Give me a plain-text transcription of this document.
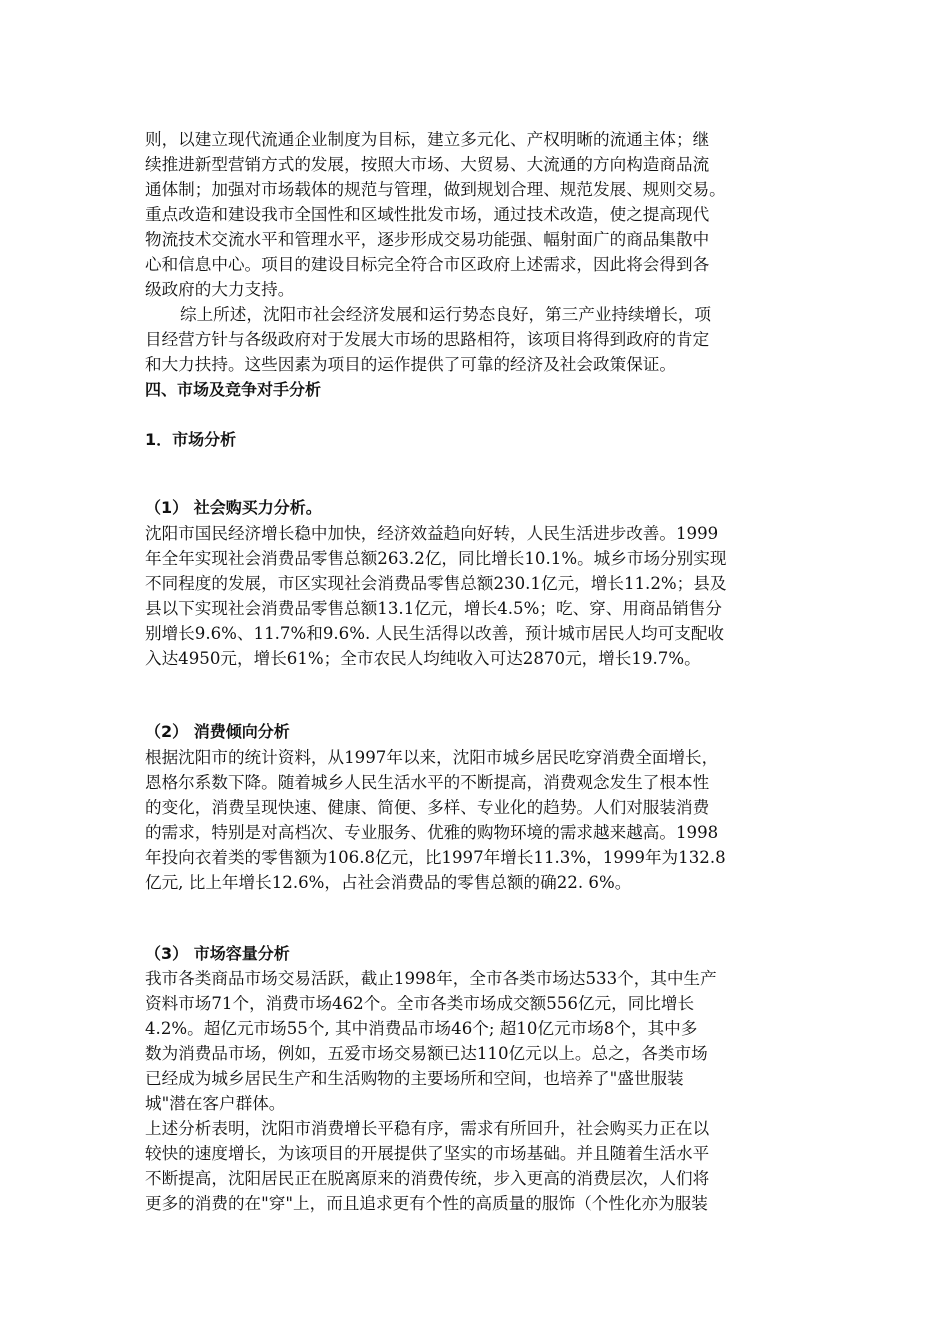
则，以建立现代流通企业制度为目标，建立多元化、产权明晰的流通主体；继
续推进新型营销方式的发展，按照大市场、大贸易、大流通的方向构造商品流
通体制；加强对市场载体的规范与管理，做到规划合理、规范发展、规则交易。
重点改造和建设我市全国性和区域性批发市场，通过技术改造，使之提高现代
物流技术交流水平和管理水平，逐步形成交易功能强、幅射面广的商品集散中
心和信息中心。项目的建设目标完全符合市区政府上述需求，因此将会得到各
级政府的大力支持。
综上所述，沈阳市社会经济发展和运行势态良好，第三产业持续增长，项
目经营方针与各级政府对于发展大市场的思路相符，该项目将得到政府的肯定
和大力扶持。这些因素为项目的运作提供了可靠的经济及社会政策保证。
四、市场及竞争对手分析
1．市场分析
（1） 社会购买力分析。
沈阳市国民经济增长稳中加快，经济效益趋向好转，人民生活进步改善。1999
年全年实现社会消费品零售总额263.2亿，同比增长10.1%。城乡市场分别实现
不同程度的发展，市区实现社会消费品零售总额230.1亿元，增长11.2%；县及
县以下实现社会消费品零售总额13.1亿元，增长4.5%；吃、穿、用商品销售分
别增长9.6%、11.7%和9.6%. 人民生活得以改善，预计城市居民人均可支配收
入达4950元，增长61%；全市农民人均纯收入可达2870元，增长19.7%。
（2） 消费倾向分析
根据沈阳市的统计资料，从1997年以来，沈阳市城乡居民吃穿消费全面增长，
恩格尔系数下降。随着城乡人民生活水平的不断提高，消费观念发生了根本性
的变化，消费呈现快速、健康、简便、多样、专业化的趋势。人们对服装消费
的需求，特别是对高档次、专业服务、优雅的购物环境的需求越来越高。1998
年投向衣着类的零售额为106.8亿元，比1997年增长11.3%，1999年为132.8
亿元, 比上年增长12.6%，占社会消费品的零售总额的确22. 6%。
（3） 市场容量分析
我市各类商品市场交易活跃，截止1998年，全市各类市场达533个，其中生产
资料市场71个，消费市场462个。全市各类市场成交额556亿元，同比增长
4.2%。超亿元市场55个, 其中消费品市场46个; 超10亿元市场8个，其中多
数为消费品市场，例如，五爱市场交易额已达110亿元以上。总之，各类市场
已经成为城乡居民生产和生活购物的主要场所和空间，也培养了"盛世服装
城"潜在客户群体。
上述分析表明，沈阳市消费增长平稳有序，需求有所回升，社会购买力正在以
较快的速度增长，为该项目的开展提供了坚实的市场基础。并且随着生活水平
不断提高，沈阳居民正在脱离原来的消费传统，步入更高的消费层次，人们将
更多的消费的在"穿"上，而且追求更有个性的高质量的服饰（个性化亦为服装
